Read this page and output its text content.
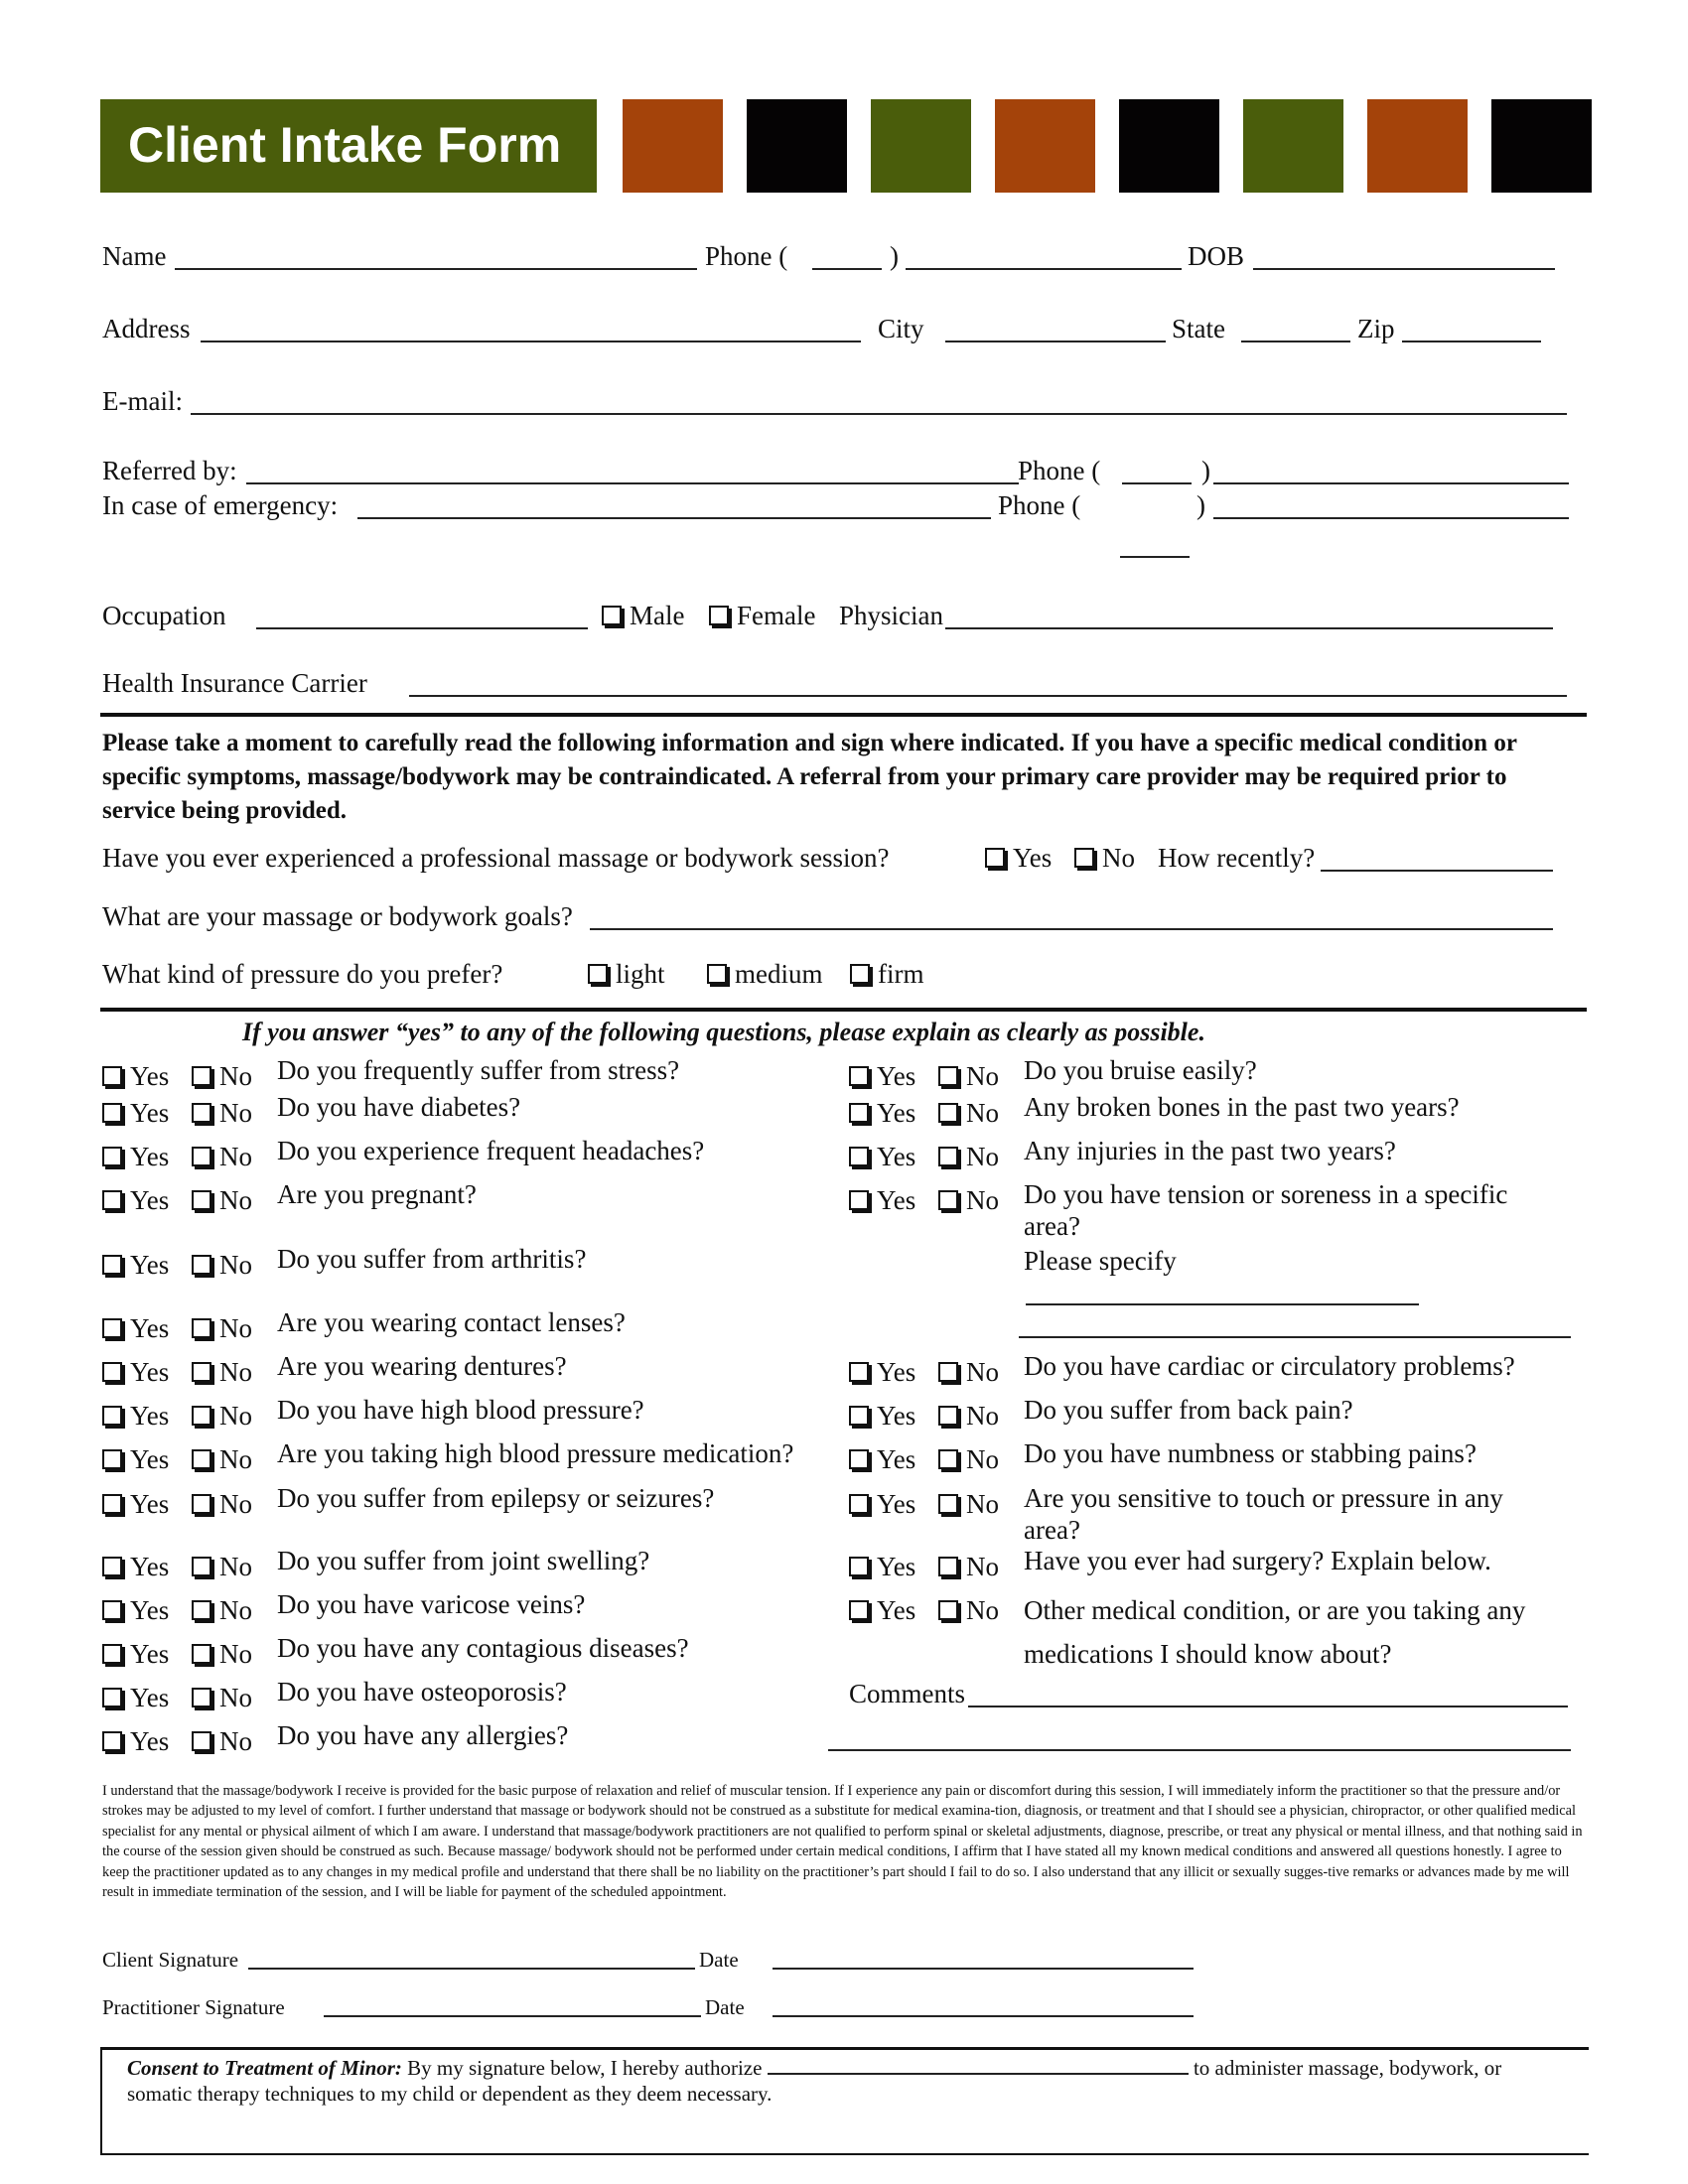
Client Intake Form
Name	Phone (	)	DOB
Address	City	State	Zip
E-mail:
Referred by:	Phone (	)
In case of emergency:	Phone (	)
Occupation	Male	Female Physician
Health Insurance Carrier
Please take a moment to carefully read the following information and sign where indicated. If you have a specific medical condition or specific symptoms, massage/bodywork may be contraindicated. A referral from your primary care provider may be required prior to service being provided.
Have you ever experienced a professional massage or bodywork session?	Yes	No How recently?
What are your massage or bodywork goals?
What kind of pressure do you prefer?	light	medium	firm
If you answer “yes” to any of the following questions, please explain as clearly as possible.
Yes	No Do you frequently suffer from stress?
Yes	No Do you have diabetes?
Yes	No Do you experience frequent headaches?
Yes	No Are you pregnant?
Yes	No Do you suffer from arthritis?
Yes	No Are you wearing contact lenses?
Yes	No Are you wearing dentures?
Yes	No Do you have high blood pressure?
Yes	No Are you taking high blood pressure medication?
Yes	No Do you suffer from epilepsy or seizures?
Yes	No Do you suffer from joint swelling?
Yes	No Do you have varicose veins?
Yes	No Do you have any contagious diseases?
Yes	No Do you have osteoporosis?
Yes	No Do you have any allergies?
Yes	No Do you bruise easily?
Yes	No Any broken bones in the past two years?
Yes	No Any injuries in the past two years?
Yes	No Do you have tension or soreness in a specific area?
Yes	No Do you have cardiac or circulatory problems?
Yes	No Do you suffer from back pain?
Yes	No Do you have numbness or stabbing pains?
Yes	No Are you sensitive to touch or pressure in any area?
Yes	No Have you ever had surgery? Explain below.
Yes	No Other medical condition, or are you taking any medications I should know about?
Please specify
Comments
I understand that the massage/bodywork I receive is provided for the basic purpose of relaxation and relief of muscular tension. If I experience any pain or discomfort during this session, I will immediately inform the practitioner so that the pressure and/or strokes may be adjusted to my level of comfort. I further understand that massage or bodywork should not be construed as a substitute for medical examina-tion, diagnosis, or treatment and that I should see a physician, chiropractor, or other qualified medical specialist for any mental or physical ailment of which I am aware. I understand that massage/bodywork practitioners are not qualified to perform spinal or skeletal adjustments, diagnose, prescribe, or treat any physical or mental illness, and that nothing said in the course of the session given should be construed as such. Because massage/ bodywork should not be performed under certain medical conditions, I affirm that I have stated all my known medical conditions and answered all questions honestly. I agree to keep the practitioner updated as to any changes in my medical profile and understand that there shall be no liability on the practitioner’s part should I fail to do so. I also understand that any illicit or sexually sugges-tive remarks or advances made by me will result in immediate termination of the session, and I will be liable for payment of the scheduled appointment.
Client Signature	Date
Practitioner Signature	Date
Consent to Treatment of Minor: By my signature below, I hereby authorize	to administer massage, bodywork, or somatic therapy techniques to my child or dependent as they deem necessary.
